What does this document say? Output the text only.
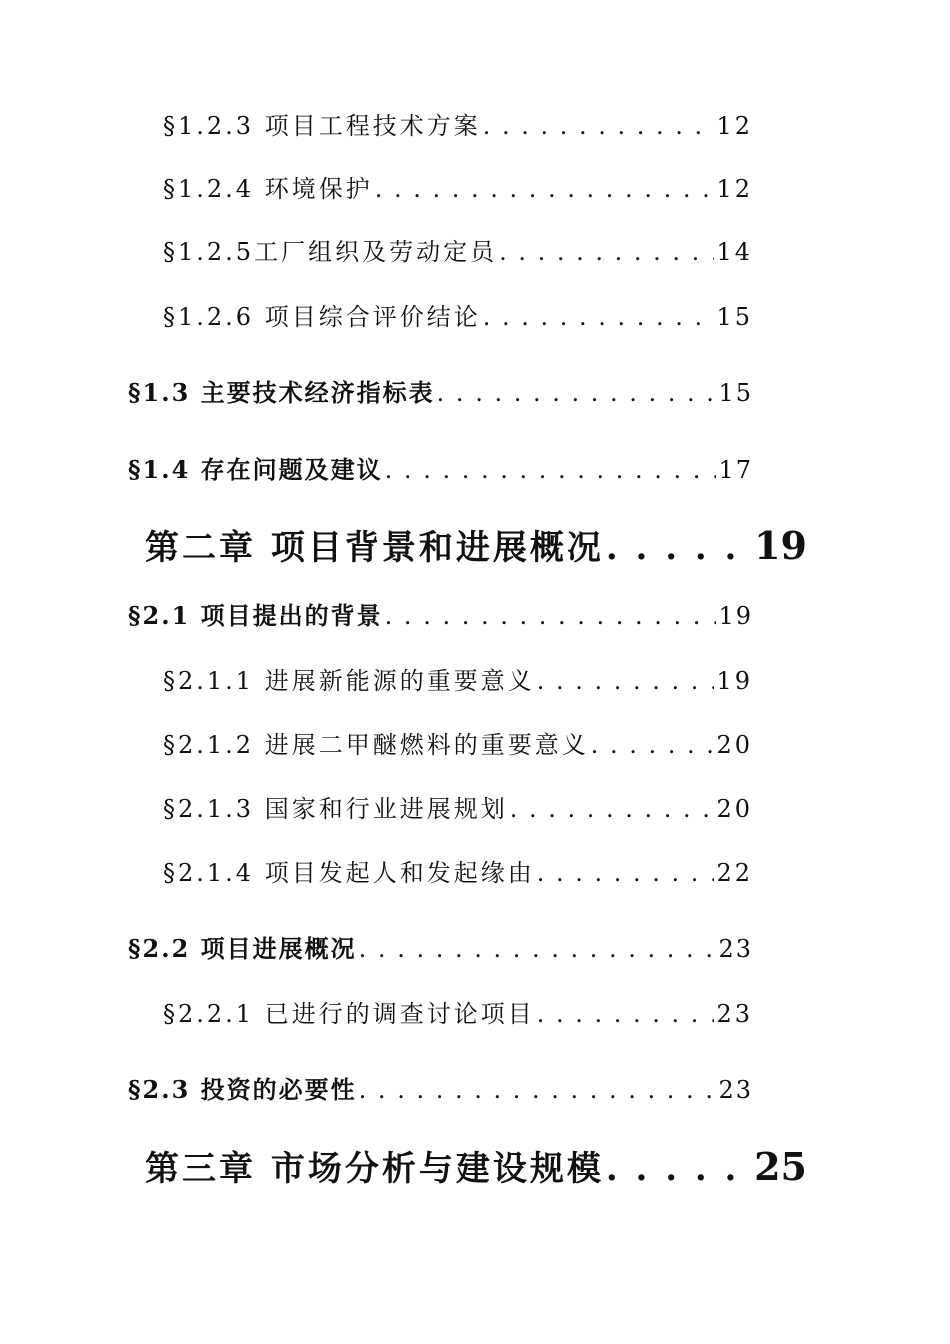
§1.2.3 项目工程技术方案 . . .	12
§1.2.4 环境保护 . . .	12
§1.2.5工厂组织及劳动定员 . . .	14
§1.2.6 项目综合评价结论 . . .	15
§1.3 主要技术经济指标表 . . .	15
§1.4 存在问题及建议 . . .	17
第二章 项目背景和进展概况 . . .	19
§2.1 项目提出的背景 . . .	19
§2.1.1 进展新能源的重要意义 . . .	19
§2.1.2 进展二甲醚燃料的重要意义 . . .	20
§2.1.3 国家和行业进展规划 . . .	20
§2.1.4 项目发起人和发起缘由 . . .	22
§2.2 项目进展概况 . . .	23
§2.2.1 已进行的调查讨论项目 . . .	23
§2.3 投资的必要性 . . .	23
第三章 市场分析与建设规模 . . .	25
